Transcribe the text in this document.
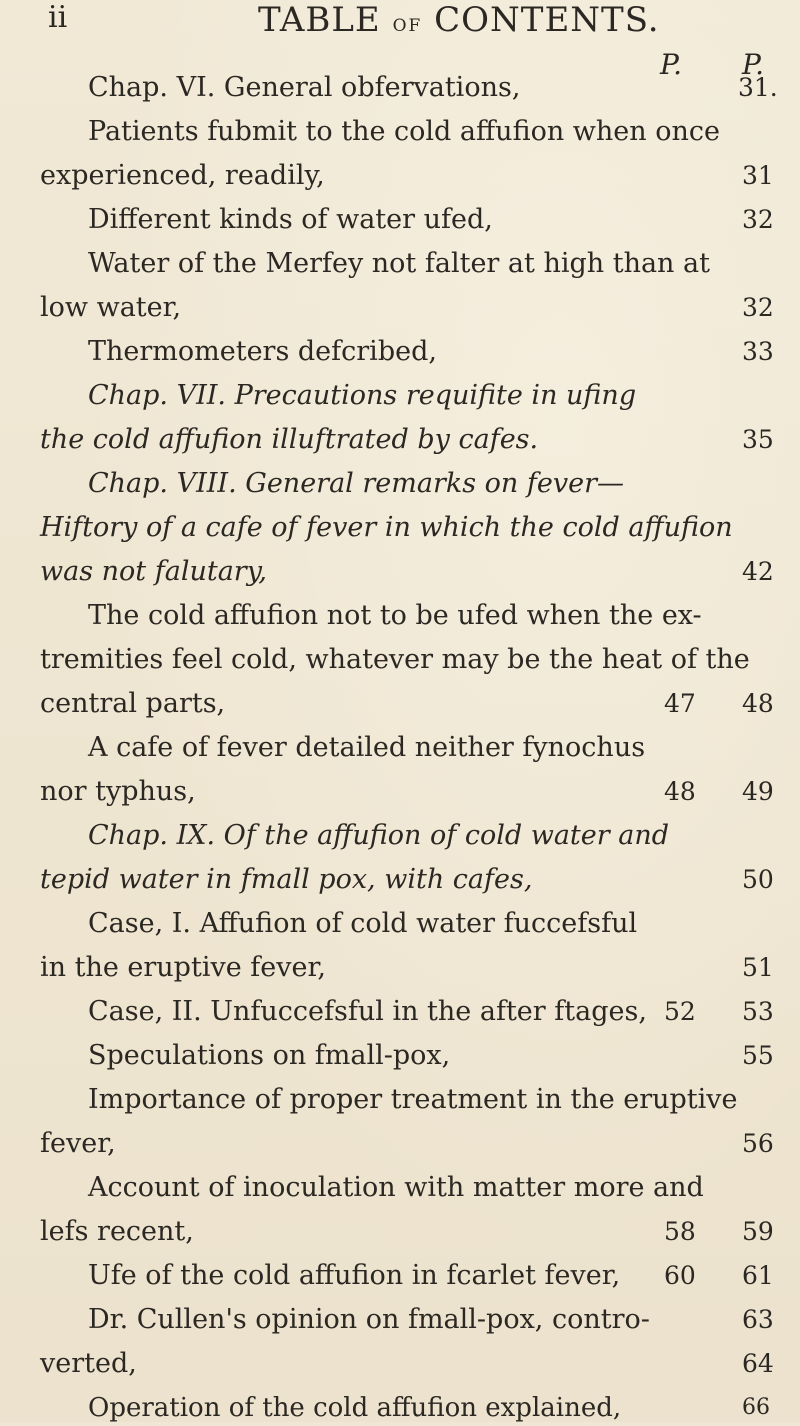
ii	TABLE of CONTENTS.
P. P.
Chap. VI. General obfervations,
Patients fubmit to the cold affufion when once
experienced, readily,
Different kinds of water ufed,
Water of the Merfey not falter at high than at
low water,
Thermometers defcribed,
Chap. VII. Precautions requifite in ufing
the cold affufion illuftrated by cafes.
Chap. VIII. General remarks on fever—
Hiftory of a cafe of fever in which the cold affufion
was not falutary,
The cold affufion not to be ufed when the ex-
tremities feel cold, whatever may be the heat of the
central parts,
A cafe of fever detailed neither fynochus
nor typhus,
Chap. IX. Of the affufion of cold water and
tepid water in fmall pox, with cafes,
Case, I. Affufion of cold water fuccefsful
in the eruptive fever,
Case, II. Unfuccefsful in the after ftages,
Speculations on fmall-pox,
Importance of proper treatment in the eruptive
fever,
Account of inoculation with matter more and
lefs recent,
Ufe of the cold affufion in fcarlet fever,
Dr. Cullen's opinion on fmall-pox, contro-
verted,
Operation of the cold affufion explained,
47
48
52
58
60
31.
31
32
32
33
35
42
48
49
50
51
53
55
56
59
61
63
64
66
